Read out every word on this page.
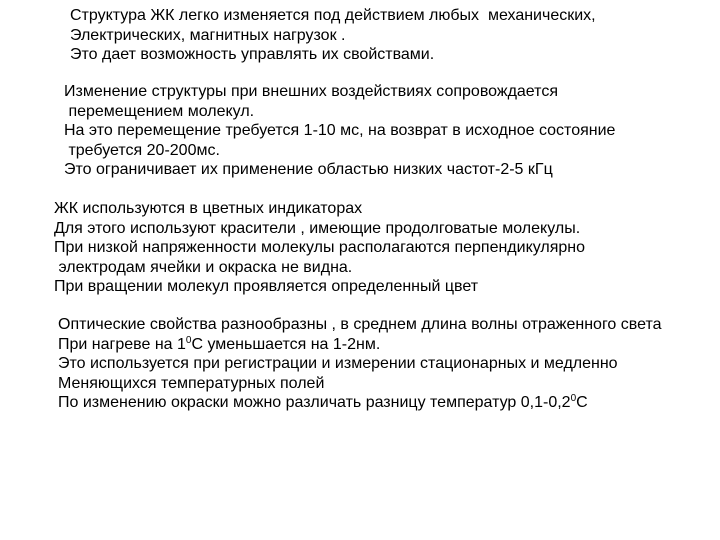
Структура ЖК легко изменяется под действием любых  механических,
Электрических, магнитных нагрузок .
Это дает возможность управлять их свойствами.
Изменение структуры при внешних воздействиях сопровождается
перемещением молекул.
На это перемещение требуется 1-10 мс, на возврат в исходное состояние
требуется 20-200мс.
Это ограничивает их применение областью низких частот-2-5 кГц
ЖК используются в цветных индикаторах
Для этого используют красители , имеющие продолговатые молекулы.
При низкой напряженности молекулы располагаются перпендикулярно
электродам ячейки и окраска не видна.
При вращении молекул проявляется определенный цвет
Оптические свойства разнообразны , в среднем длина волны отраженного света
При нагреве на $1^0С$ уменьшается на 1-2нм.
Это используется при регистрации и измерении стационарных и медленно
Меняющихся температурных полей
По изменению окраски можно различать разницу температур $0,1-0,2^0С$
